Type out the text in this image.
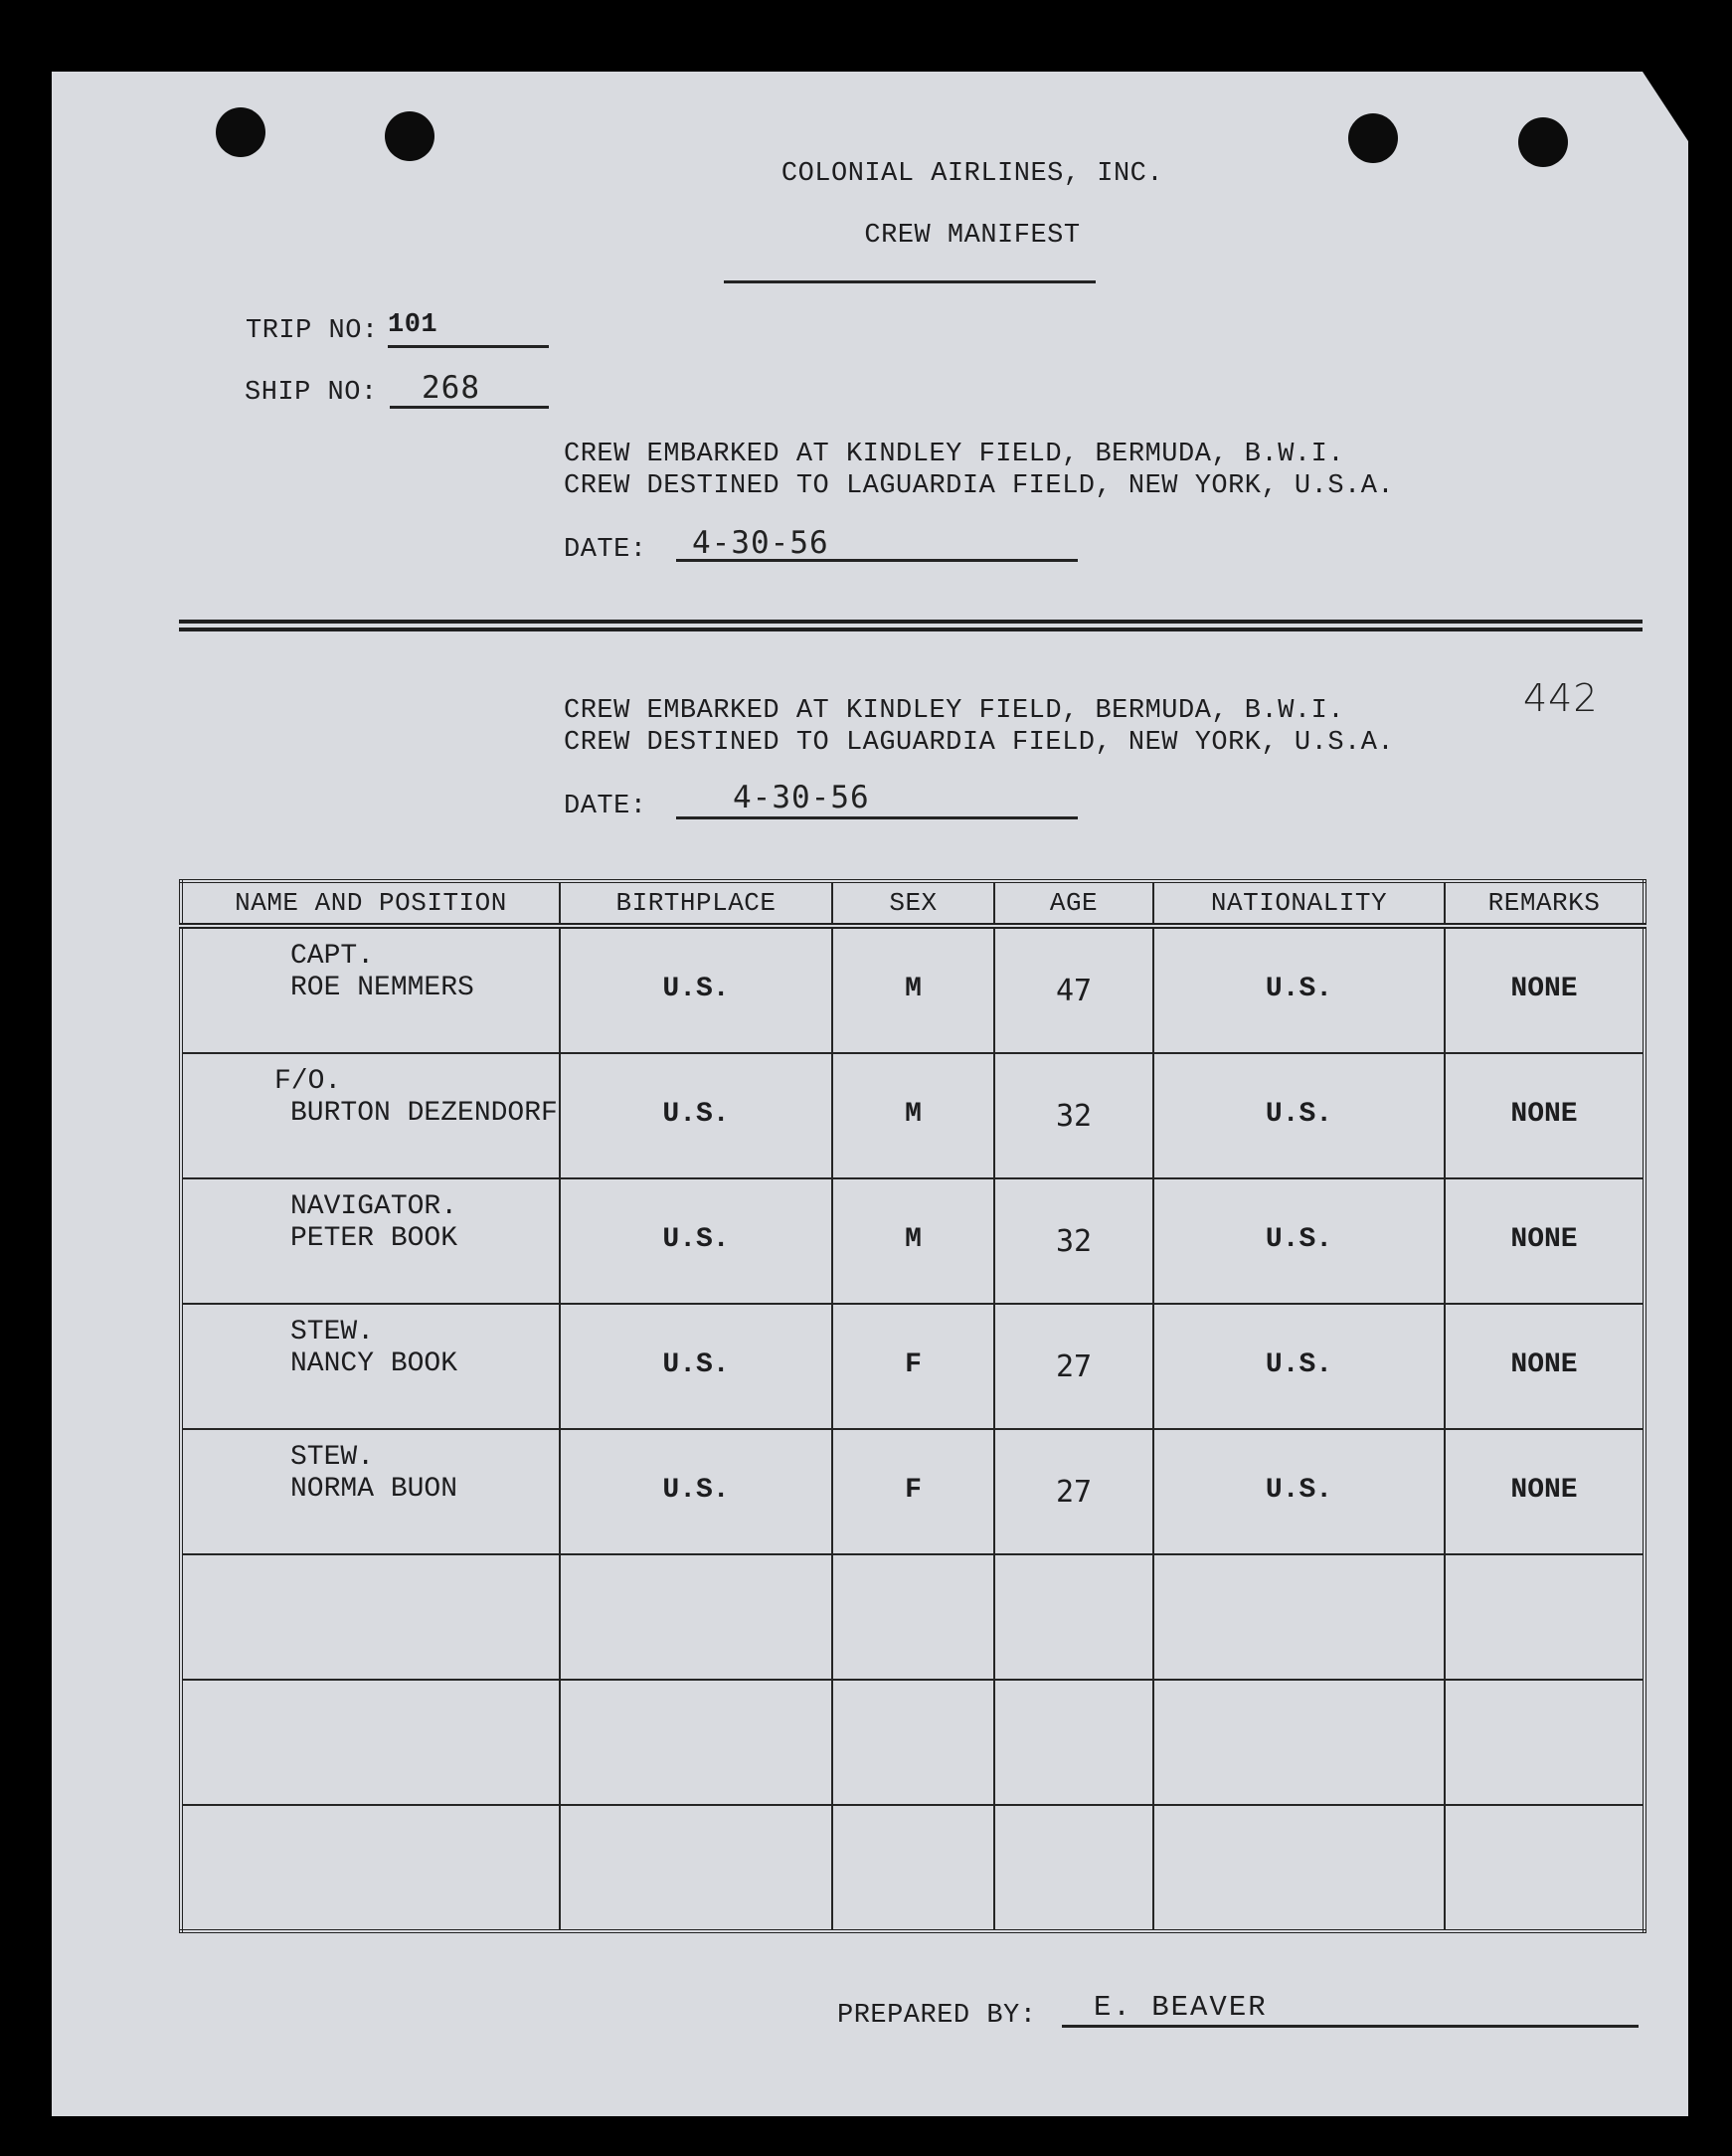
COLONIAL AIRLINES, INC.
CREW MANIFEST
TRIP NO: 101
SHIP NO: 268
CREW EMBARKED AT KINDLEY FIELD, BERMUDA, B.W.I.
CREW DESTINED TO LAGUARDIA FIELD, NEW YORK, U.S.A.
DATE: 4-30-56
442
CREW EMBARKED AT KINDLEY FIELD, BERMUDA, B.W.I.
CREW DESTINED TO LAGUARDIA FIELD, NEW YORK, U.S.A.
DATE:	4-30-56
NAME AND POSITION	BIRTHPLACE	SEX	AGE	NATIONALITY	REMARKS

CAPT.
ROE NEMMERS	U.S.	M	47	U.S.	NONE

F/O.
BURTON DEZENDORF	U.S.	M	32	U.S.	NONE

NAVIGATOR.
PETER BOOK	U.S.	M	32	U.S.	NONE

STEW.
NANCY BOOK	U.S.	F	27	U.S.	NONE

STEW.
NORMA BUON	U.S.	F	27	U.S.	NONE

PREPARED BY: E. BEAVER
